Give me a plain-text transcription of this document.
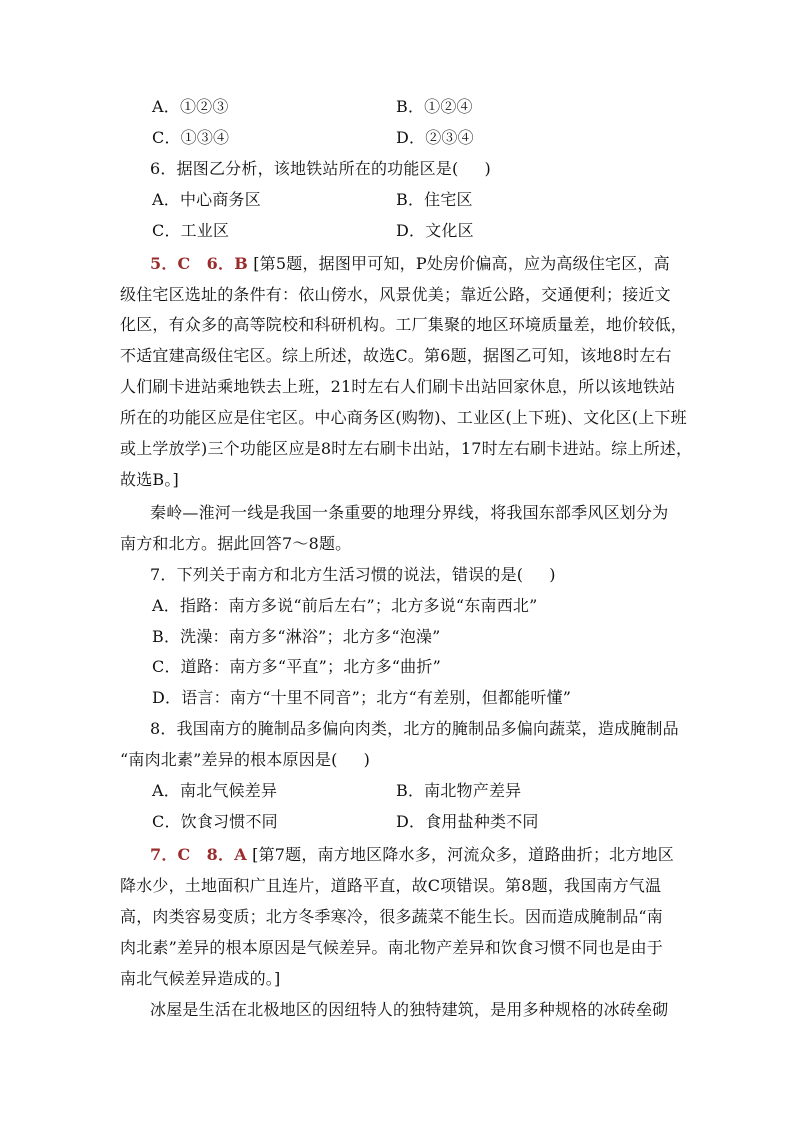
A．①②③	B．①②④
C．①③④	D．②③④
6．据图乙分析，该地铁站所在的功能区是( )
A．中心商务区	B．住宅区
C．工业区	D．文化区
5．C　6．B [第5题，据图甲可知，P处房价偏高，应为高级住宅区，高
级住宅区选址的条件有：依山傍水，风景优美；靠近公路，交通便利；接近文
化区，有众多的高等院校和科研机构。工厂集聚的地区环境质量差，地价较低，
不适宜建高级住宅区。综上所述，故选C。第6题，据图乙可知，该地8时左右
人们刷卡进站乘地铁去上班，21时左右人们刷卡出站回家休息，所以该地铁站
所在的功能区应是住宅区。中心商务区(购物)、工业区(上下班)、文化区(上下班
或上学放学)三个功能区应是8时左右刷卡出站，17时左右刷卡进站。综上所述，
故选B。]
秦岭—淮河一线是我国一条重要的地理分界线，将我国东部季风区划分为
南方和北方。据此回答7～8题。
7．下列关于南方和北方生活习惯的说法，错误的是( )
A．指路：南方多说“前后左右”；北方多说“东南西北”
B．洗澡：南方多“淋浴”；北方多“泡澡”
C．道路：南方多“平直”；北方多“曲折”
D．语言：南方“十里不同音”；北方“有差别，但都能听懂”
8．我国南方的腌制品多偏向肉类，北方的腌制品多偏向蔬菜，造成腌制品
“南肉北素”差异的根本原因是( )
A．南北气候差异	B．南北物产差异
C．饮食习惯不同	D．食用盐种类不同
7．C　8．A [第7题，南方地区降水多，河流众多，道路曲折；北方地区
降水少，土地面积广且连片，道路平直，故C项错误。第8题，我国南方气温
高，肉类容易变质；北方冬季寒冷，很多蔬菜不能生长。因而造成腌制品“南
肉北素”差异的根本原因是气候差异。南北物产差异和饮食习惯不同也是由于
南北气候差异造成的。]
冰屋是生活在北极地区的因纽特人的独特建筑，是用多种规格的冰砖垒砌
